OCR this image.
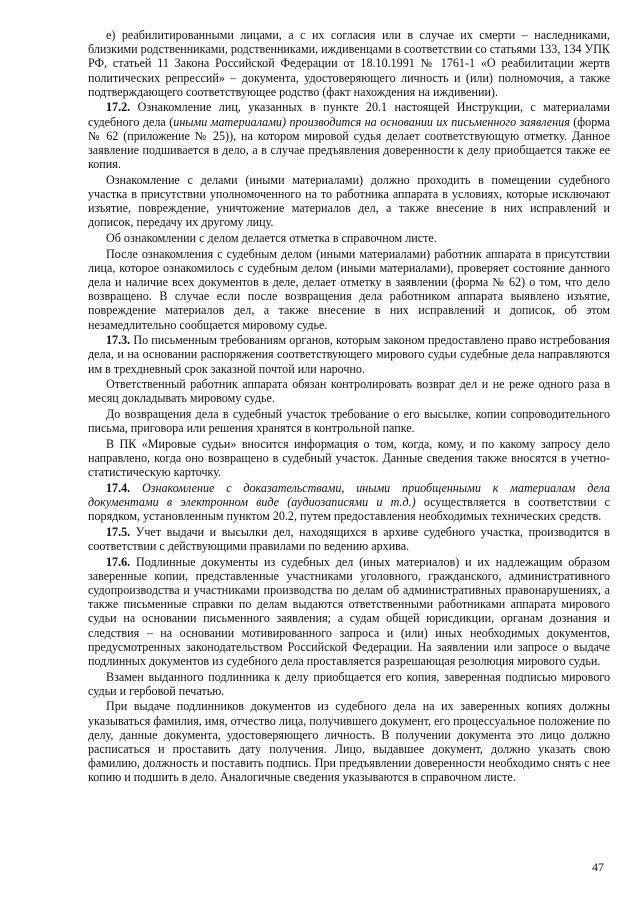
е) реабилитированными лицами, а с их согласия или в случае их смерти – наследниками, близкими родственниками, родственниками, иждивенцами в соответствии со статьями 133, 134 УПК РФ, статьей 11 Закона Российской Федерации от 18.10.1991 № 1761-1 «О реабилитации жертв политических репрессий» – документа, удостоверяющего личность и (или) полномочия, а также подтверждающего соответствующее родство (факт нахождения на иждивении).

17.2. Ознакомление лиц, указанных в пункте 20.1 настоящей Инструкции, с материалами судебного дела (иными материалами) производится на основании их письменного заявления (форма № 62 (приложение № 25)), на котором мировой судья делает соответствующую отметку. Данное заявление подшивается в дело, а в случае предъявления доверенности к делу приобщается также ее копия.

Ознакомление с делами (иными материалами) должно проходить в помещении судебного участка в присутствии уполномоченного на то работника аппарата в условиях, которые исключают изъятие, повреждение, уничтожение материалов дел, а также внесение в них исправлений и дописок, передачу их другому лицу.

Об ознакомлении с делом делается отметка в справочном листе.

После ознакомления с судебным делом (иными материалами) работник аппарата в присутствии лица, которое ознакомилось с судебным делом (иными материалами), проверяет состояние данного дела и наличие всех документов в деле, делает отметку в заявлении (форма № 62) о том, что дело возвращено. В случае если после возвращения дела работником аппарата выявлено изъятие, повреждение материалов дел, а также внесение в них исправлений и дописок, об этом незамедлительно сообщается мировому судье.

17.3. По письменным требованиям органов, которым законом предоставлено право истребования дела, и на основании распоряжения соответствующего мирового судьи судебные дела направляются им в трехдневный срок заказной почтой или нарочно.

Ответственный работник аппарата обязан контролировать возврат дел и не реже одного раза в месяц докладывать мировому судье.

До возвращения дела в судебный участок требование о его высылке, копии сопроводительного письма, приговора или решения хранятся в контрольной папке.

В ПК «Мировые судьи» вносится информация о том, когда, кому, и по какому запросу дело направлено, когда оно возвращено в судебный участок. Данные сведения также вносятся в учетно-статистическую карточку.

17.4. Ознакомление с доказательствами, иными приобщенными к материалам дела документами в электронном виде (аудиозаписями и т.д.) осуществляется в соответствии с порядком, установленным пунктом 20.2, путем предоставления необходимых технических средств.

17.5. Учет выдачи и высылки дел, находящихся в архиве судебного участка, производится в соответствии с действующими правилами по ведению архива.

17.6. Подлинные документы из судебных дел (иных материалов) и их надлежащим образом заверенные копии, представленные участниками уголовного, гражданского, административного судопроизводства и участниками производства по делам об административных правонарушениях, а также письменные справки по делам выдаются ответственными работниками аппарата мирового судьи на основании письменного заявления; а судам общей юрисдикции, органам дознания и следствия – на основании мотивированного запроса и (или) иных необходимых документов, предусмотренных законодательством Российской Федерации. На заявлении или запросе о выдаче подлинных документов из судебного дела проставляется разрешающая резолюция мирового судьи.

Взамен выданного подлинника к делу приобщается его копия, заверенная подписью мирового судьи и гербовой печатью.

При выдаче подлинников документов из судебного дела на их заверенных копиях должны указываться фамилия, имя, отчество лица, получившего документ, его процессуальное положение по делу, данные документа, удостоверяющего личность. В получении документа это лицо должно расписаться и проставить дату получения. Лицо, выдавшее документ, должно указать свою фамилию, должность и поставить подпись. При предъявлении доверенности необходимо снять с нее копию и подшить в дело. Аналогичные сведения указываются в справочном листе.

47
